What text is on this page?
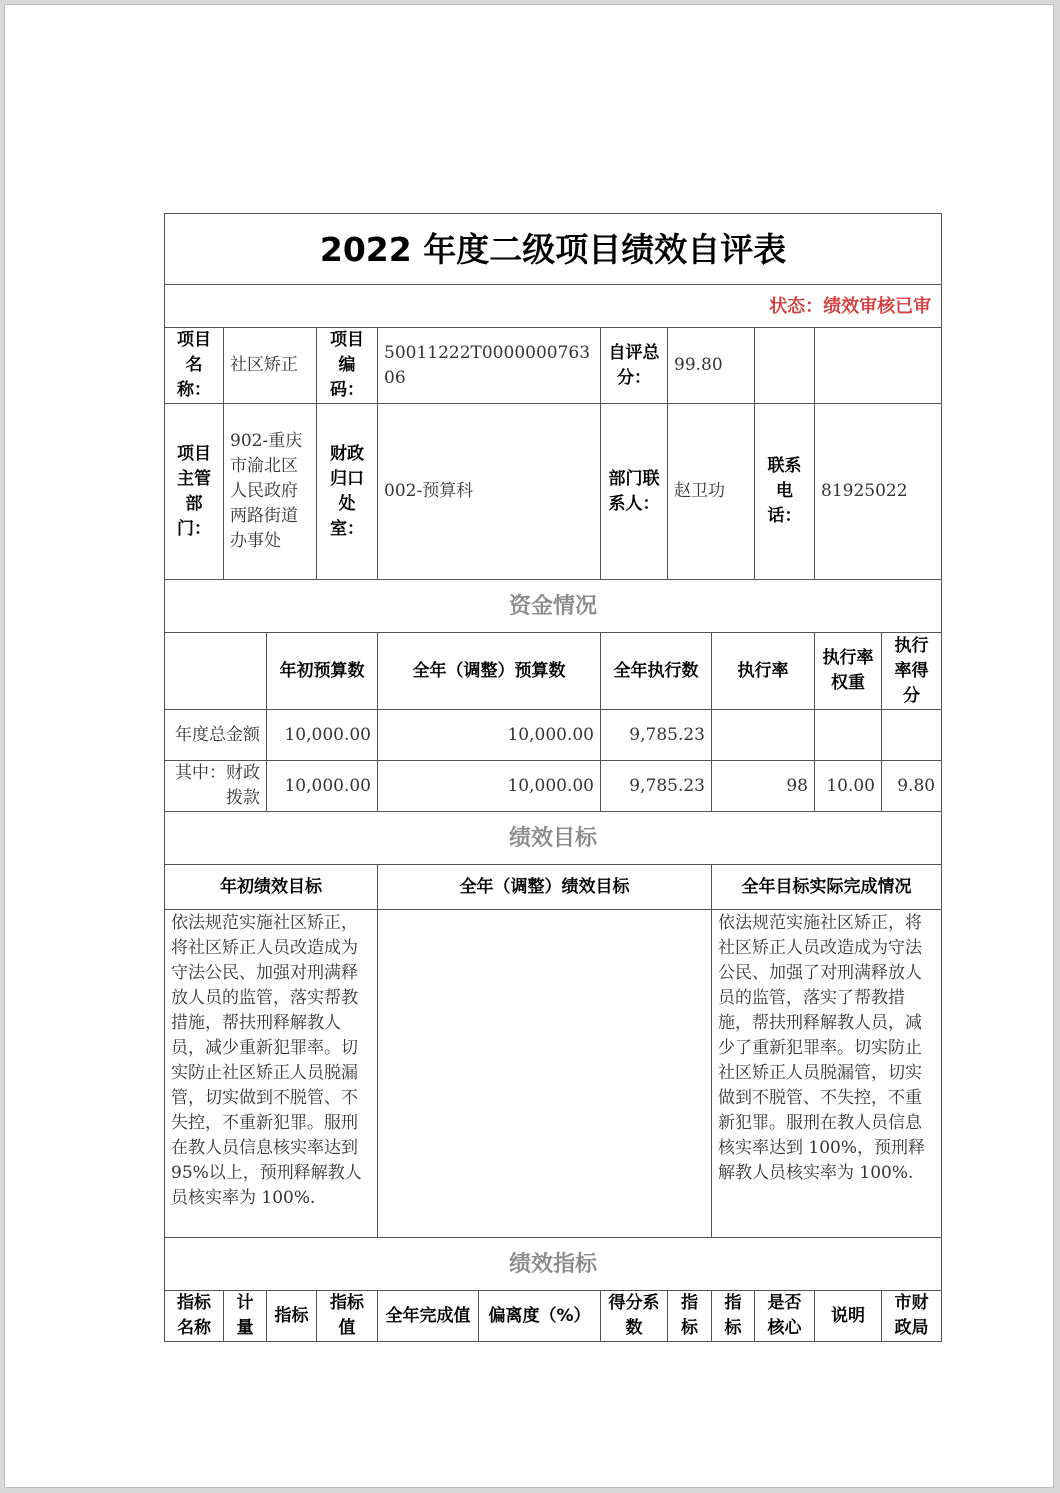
2022 年度二级项目绩效自评表											
状态：绩效审核已审											
项目名称：	社区矫正		项目编码：	50011222T000000076306		自评总分：	99.80				
项目主管部门：	902-重庆市渝北区人民政府两路街道办事处		财政归口处室：	002-预算科		部门联系人：	赵卫功		联系电话：	81925022	
资金情况											
		年初预算数		全年（调整）预算数		全年执行数		执行率		执行率权重	执行率得分
年度总金额		10,000.00		10,000.00		9,785.23					
其中：财政拨款		10,000.00		10,000.00		9,785.23		98		10.00	9.80
绩效目标											
年初绩效目标				全年（调整）绩效目标				全年目标实际完成情况			
依法规范实施社区矫正，将社区矫正人员改造成为守法公民、加强对刑满释放人员的监管，落实帮教措施，帮扶刑释解教人员，减少重新犯罪率。切实防止社区矫正人员脱漏管，切实做到不脱管、不失控，不重新犯罪。服刑在教人员信息核实率达到 95%以上，预刑释解教人员核实率为 100%.								依法规范实施社区矫正，将社区矫正人员改造成为守法公民、加强了对刑满释放人员的监管，落实了帮教措施，帮扶刑释解教人员，减少了重新犯罪率。切实防止社区矫正人员脱漏管，切实做到不脱管、不失控，不重新犯罪。服刑在教人员信息核实率达到 100%，预刑释解教人员核实率为 100%.			
绩效指标											
指标名称	计量	指标	指标值	全年完成值	偏离度（%）	得分系数	指标	指标	是否核心	说明	市财政局
